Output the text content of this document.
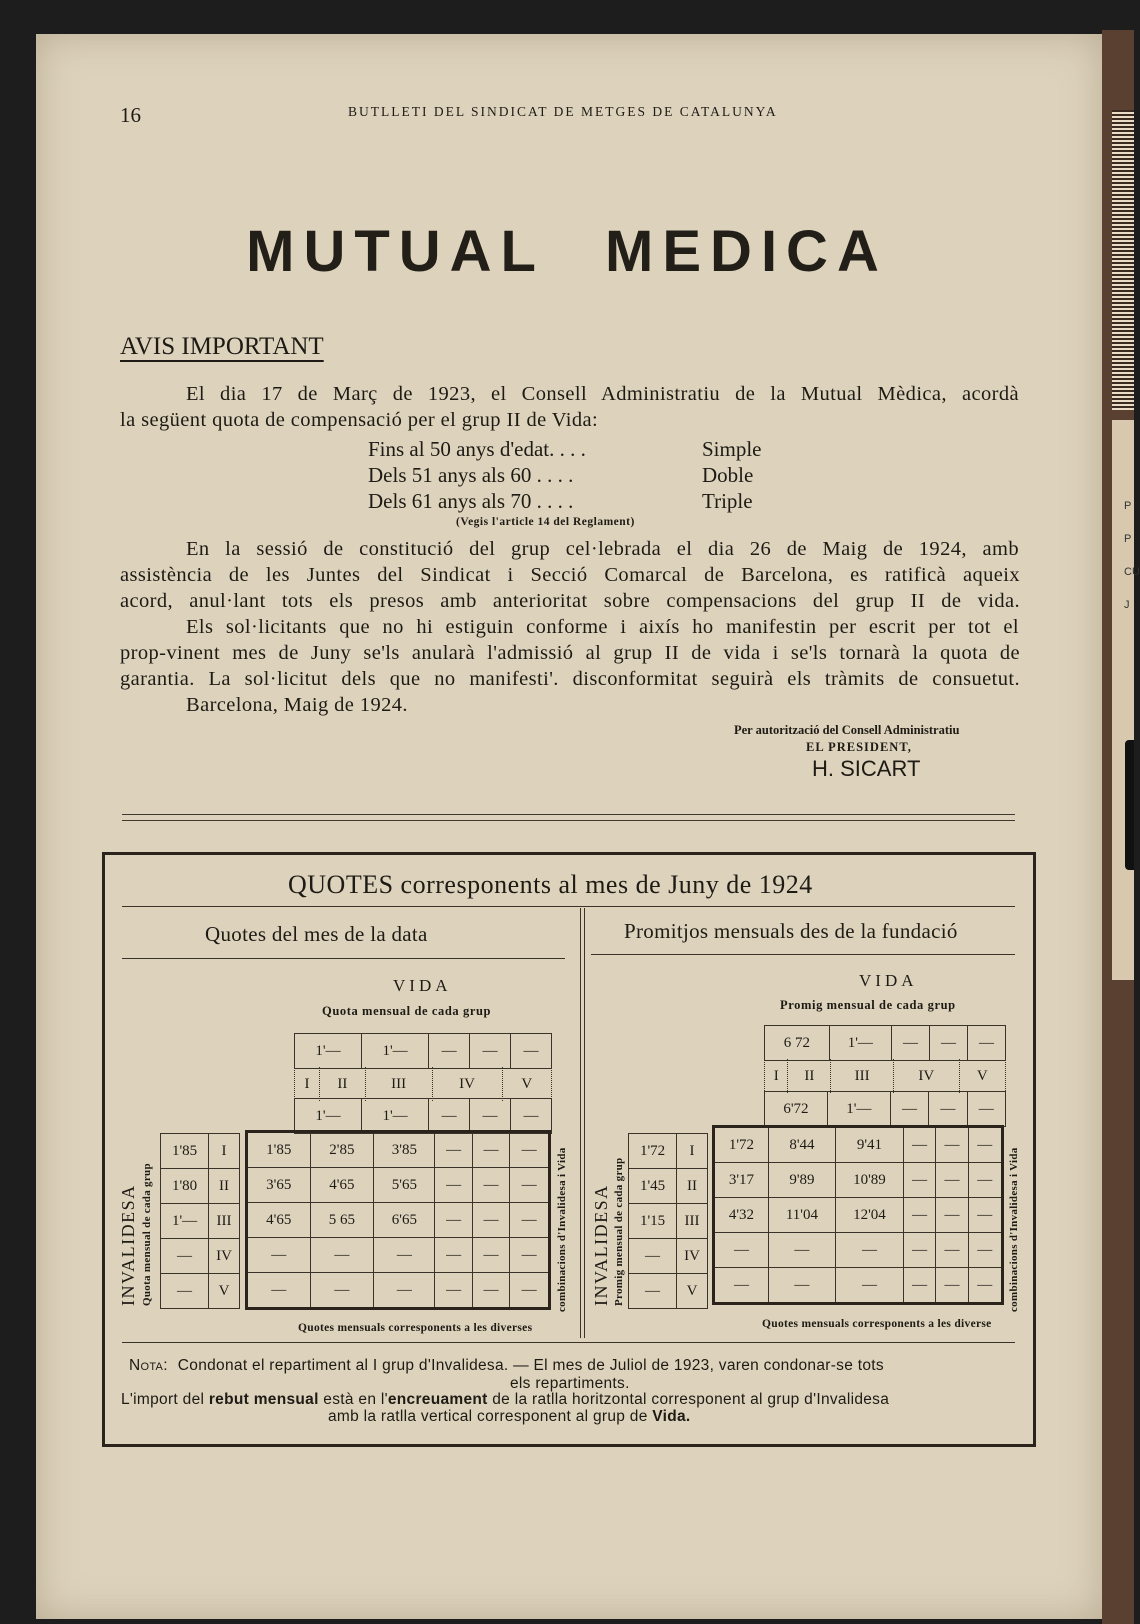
P P CU J
16	BUTLLETI DEL SINDICAT DE METGES DE CATALUNYA
MUTUAL MEDICA
AVIS IMPORTANT
El dia 17 de Març de 1923, el Consell Administratiu de la Mutual Mèdica, acordà
la següent quota de compensació per el grup II de Vida:
Fins al 50 anys d'edat. . . .	Simple
Dels 51 anys als 60 . . . .	Doble
Dels 61 anys als 70 . . . .	Triple
(Vegis l'article 14 del Reglament)
En la sessió de constitució del grup cel·lebrada el dia 26 de Maig de 1924, amb
assistència de les Juntes del Sindicat i Secció Comarcal de Barcelona, es ratificà aqueix
acord, anul·lant tots els presos amb anterioritat sobre compensacions del grup II de vida.
Els sol·licitants que no hi estiguin conforme i aixís ho manifestin per escrit per tot el
prop-vinent mes de Juny se'ls anularà l'admissió al grup II de vida i se'ls tornarà la quota de
garantia. La sol·licitut dels que no manifesti'. disconformitat seguirà els tràmits de consuetut.
Barcelona, Maig de 1924.
Per autorització del Consell Administratiu
EL PRESIDENT,
H. SICART
QUOTES corresponents al mes de Juny de 1924
Quotes del mes de la data
VIDA
Quota mensual de cada grup
1'—	1'—	—	—	—
I	II	III	IV	V
1'—	1'—	—	—	—
INVALIDESA Quota mensual de cada grup
1'85	I
1'80	II
1'—	III
—	IV
—	V
1'85	2'85	3'85	—	—	—
3'65	4'65	5'65	—	—	—
4'65	5 65	6'65	—	—	—
—	—	—	—	—	—
—	—	—	—	—	— combinacions d'Invalidesa i Vida
Quotes mensuals corresponents a les diverses
Promitjos mensuals des de la fundació
VIDA
Promig mensual de cada grup
6 72	1'—	—	—	—
I	II	III	IV	V
6'72	1'—	—	—	—
INVALIDESA Promig mensual de cada grup
1'72	I
1'45	II
1'15	III
—	IV
—	V
1'72	8'44	9'41	—	—	—
3'17	9'89	10'89	—	—	—
4'32	11'04	12'04	—	—	—
—	—	—	—	—	—
—	—	—	—	—	— combinacions d'Invalidesa i Vida
Quotes mensuals corresponents a les diverse
Nota: Condonat el repartiment al I grup d'Invalidesa. — El mes de Juliol de 1923, varen condonar-se tots
els repartiments.
L'import del rebut mensual està en l'encreuament de la ratlla horitzontal corresponent al grup d'Invalidesa
amb la ratlla vertical corresponent al grup de Vida.
